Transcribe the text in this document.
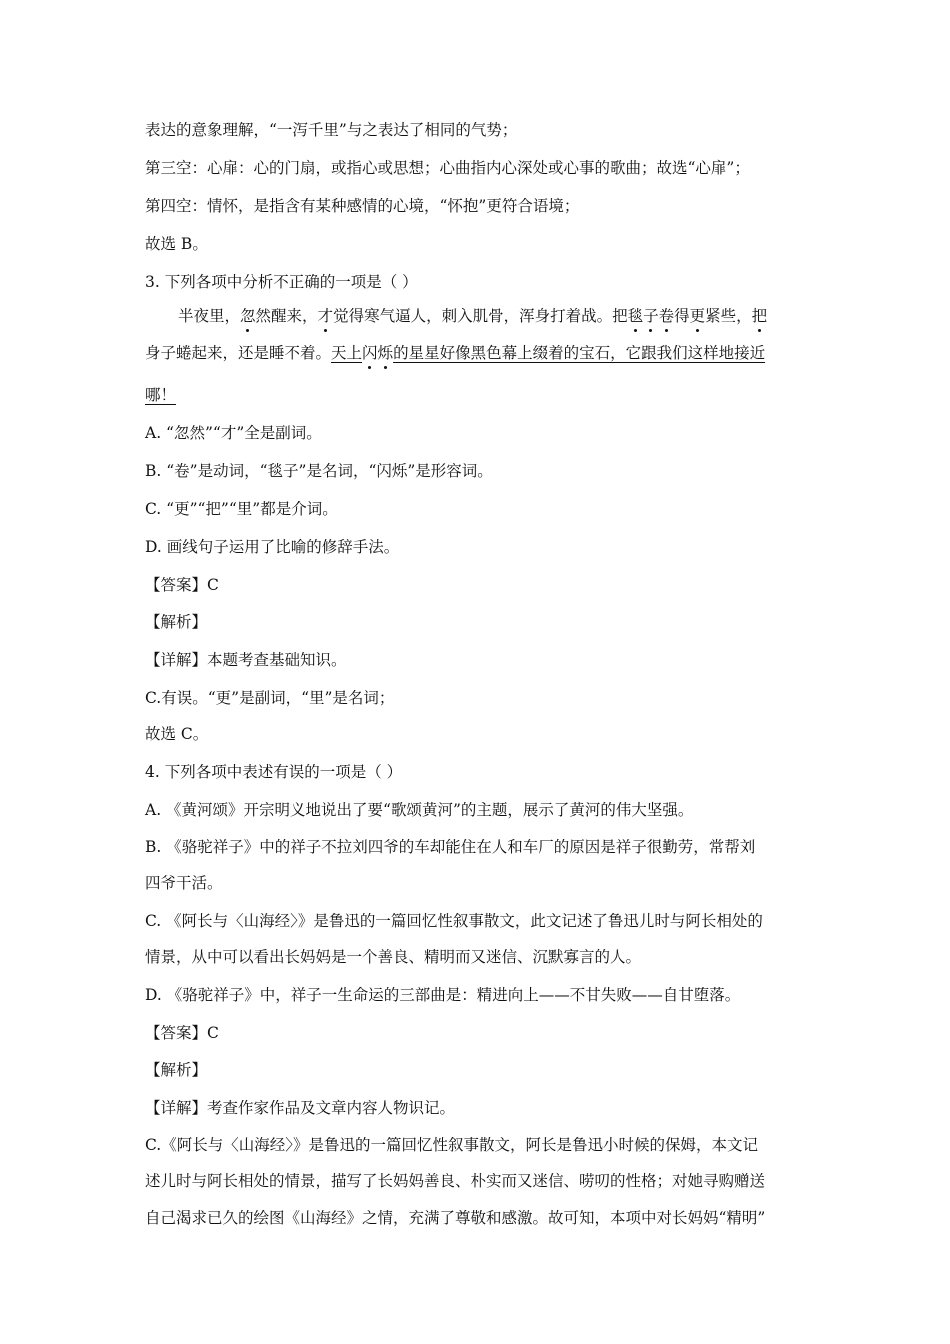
表达的意象理解，“一泻千里”与之表达了相同的气势；
第三空：心扉：心的门扇，或指心或思想；心曲指内心深处或心事的歌曲；故选“心扉”；
第四空：情怀，是指含有某种感情的心境，“怀抱”更符合语境；
故选 B。
3. 下列各项中分析不正确的一项是（ ）
半夜里，忽然醒来，才觉得寒气逼人，刺入肌骨，浑身打着战。把毯子卷得更紧些，把
身子蜷起来，还是睡不着。天上闪烁的星星好像黑色幕上缀着的宝石，它跟我们这样地接近
哪！
A. “忽然”“才”全是副词。
B. “卷”是动词，“毯子”是名词，“闪烁”是形容词。
C. “更”“把”“里”都是介词。
D. 画线句子运用了比喻的修辞手法。
【答案】C
【解析】
【详解】本题考查基础知识。
C.有误。“更”是副词，“里”是名词；
故选 C。
4. 下列各项中表述有误的一项是（ ）
A. 《黄河颂》开宗明义地说出了要“歌颂黄河”的主题，展示了黄河的伟大坚强。
B. 《骆驼祥子》中的祥子不拉刘四爷的车却能住在人和车厂的原因是祥子很勤劳，常帮刘
四爷干活。
C. 《阿长与〈山海经〉》是鲁迅的一篇回忆性叙事散文，此文记述了鲁迅儿时与阿长相处的
情景，从中可以看出长妈妈是一个善良、精明而又迷信、沉默寡言的人。
D. 《骆驼祥子》中，祥子一生命运的三部曲是：精进向上——不甘失败——自甘堕落。
【答案】C
【解析】
【详解】考查作家作品及文章内容人物识记。
C.《阿长与〈山海经〉》是鲁迅的一篇回忆性叙事散文，阿长是鲁迅小时候的保姆，本文记
述儿时与阿长相处的情景，描写了长妈妈善良、朴实而又迷信、唠叨的性格；对她寻购赠送
自己渴求已久的绘图《山海经》之情，充满了尊敬和感激。故可知，本项中对长妈妈“精明”
